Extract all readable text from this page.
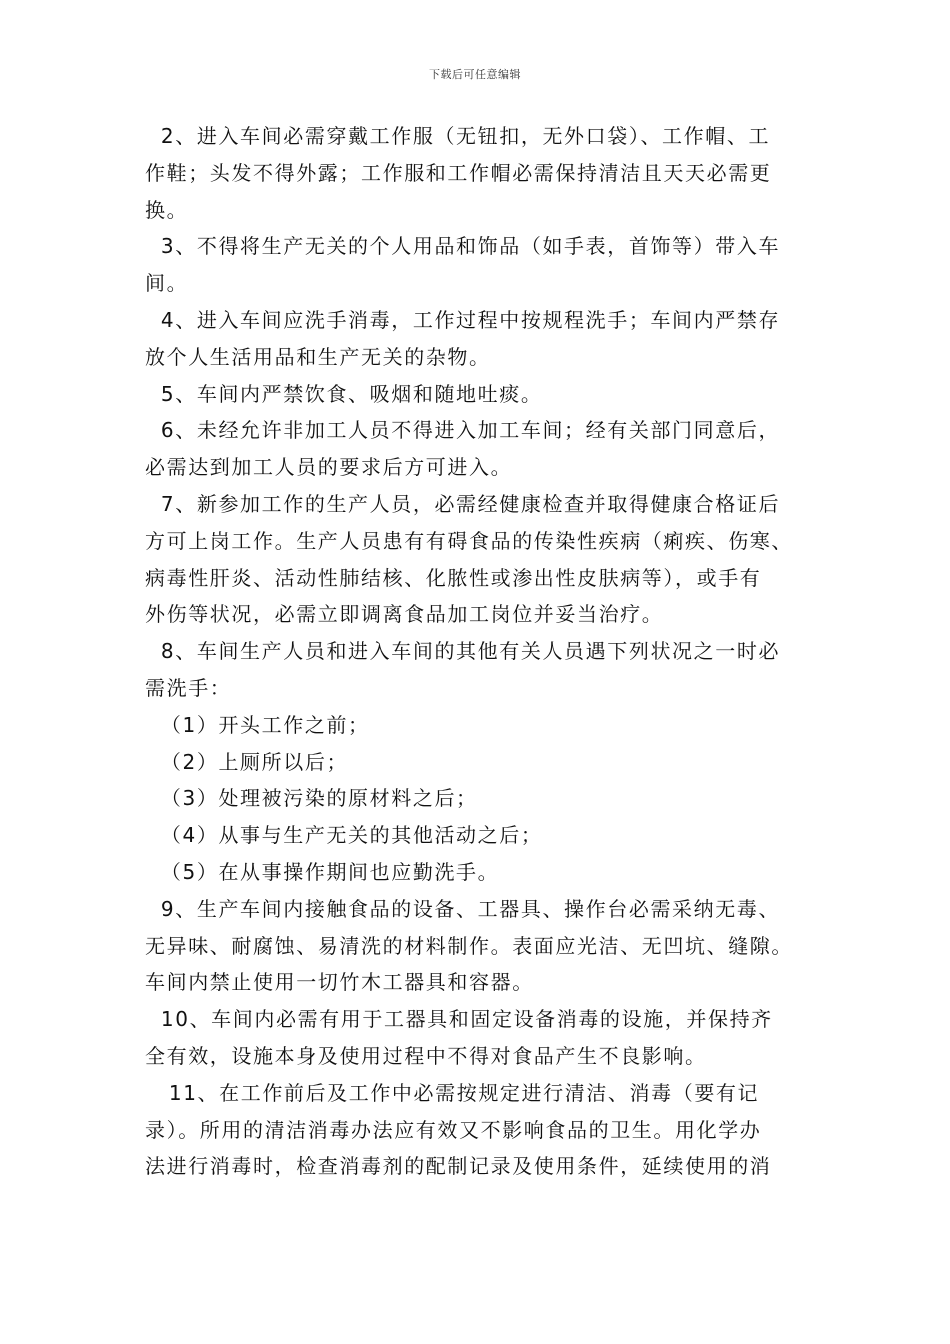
下载后可任意编辑
2、进入车间必需穿戴工作服（无钮扣，无外口袋）、工作帽、工
作鞋；头发不得外露；工作服和工作帽必需保持清洁且天天必需更
换。
3、不得将生产无关的个人用品和饰品（如手表，首饰等）带入车
间。
4、进入车间应洗手消毒，工作过程中按规程洗手；车间内严禁存
放个人生活用品和生产无关的杂物。
5、车间内严禁饮食、吸烟和随地吐痰。
6、未经允许非加工人员不得进入加工车间；经有关部门同意后，
必需达到加工人员的要求后方可进入。
7、新参加工作的生产人员，必需经健康检查并取得健康合格证后
方可上岗工作。生产人员患有有碍食品的传染性疾病（痢疾、伤寒、
病毒性肝炎、活动性肺结核、化脓性或渗出性皮肤病等），或手有
外伤等状况，必需立即调离食品加工岗位并妥当治疗。
8、车间生产人员和进入车间的其他有关人员遇下列状况之一时必
需洗手：
（1）开头工作之前；
（2）上厕所以后；
（3）处理被污染的原材料之后；
（4）从事与生产无关的其他活动之后；
（5）在从事操作期间也应勤洗手。
9、生产车间内接触食品的设备、工器具、操作台必需采纳无毒、
无异味、耐腐蚀、易清洗的材料制作。表面应光洁、无凹坑、缝隙。
车间内禁止使用一切竹木工器具和容器。
10、车间内必需有用于工器具和固定设备消毒的设施，并保持齐
全有效，设施本身及使用过程中不得对食品产生不良影响。
11、在工作前后及工作中必需按规定进行清洁、消毒（要有记
录）。所用的清洁消毒办法应有效又不影响食品的卫生。用化学办
法进行消毒时，检查消毒剂的配制记录及使用条件，延续使用的消
